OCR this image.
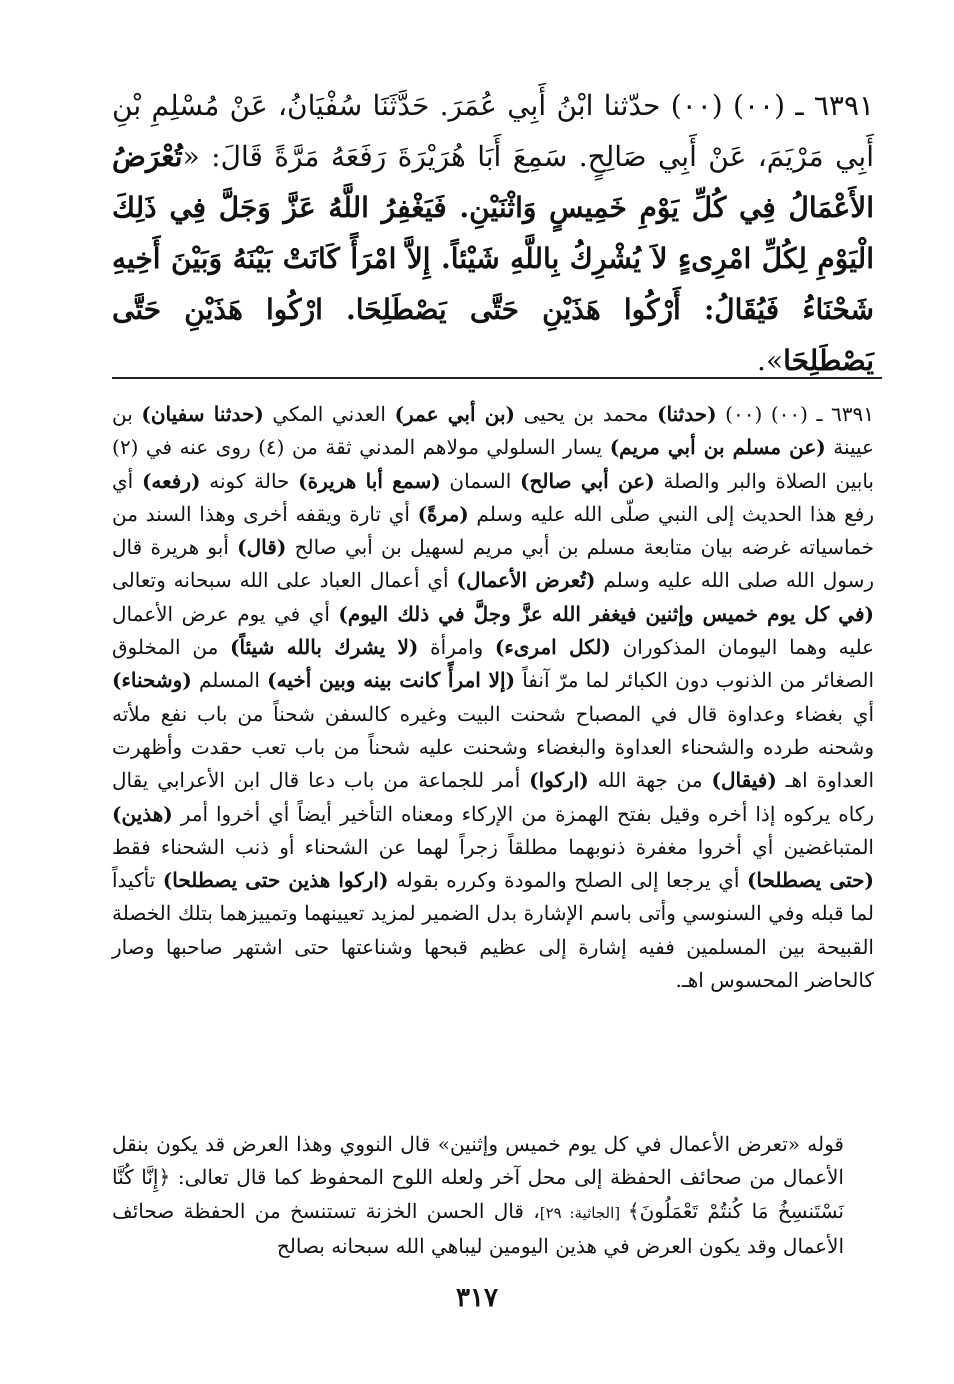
٦٣٩١ ـ (٠٠) (٠٠) حدّثنا ابْنُ أَبِي عُمَرَ. حَدَّثَنَا سُفْيَانُ، عَنْ مُسْلِمِ بْنِ أَبِي مَرْيَمَ، عَنْ أَبِي صَالِحٍ. سَمِعَ أَبَا هُرَيْرَةَ رَفَعَهُ مَرَّةً قَالَ: «تُعْرَضُ الأَعْمَالُ فِي كُلِّ يَوْمِ خَمِيسٍ وَاثْنَيْنِ. فَيَغْفِرُ اللَّهُ عَزَّ وَجَلَّ فِي ذَلِكَ الْيَوْمِ لِكُلِّ امْرِىءٍ لاَ يُشْرِكُ بِاللَّهِ شَيْئاً. إِلاَّ امْرَأً كَانَتْ بَيْنَهُ وَبَيْنَ أَخِيهِ شَحْنَاءُ فَيُقَالُ: أَرْكُوا هَذَيْنِ حَتَّى يَصْطَلِحَا. ارْكُوا هَذَيْنِ حَتَّى يَصْطَلِحَا».
٦٣٩١ ـ (٠٠) (٠٠) (حدثنا) محمد بن يحيى (بن أبي عمر) العدني المكي (حدثنا سفيان) بن عيينة (عن مسلم بن أبي مريم) يسار السلولي مولاهم المدني ثقة من (٤) روى عنه في (٢) بابين الصلاة والبر والصلة (عن أبي صالح) السمان (سمع أبا هريرة) حالة كونه (رفعه) أي رفع هذا الحديث إلى النبي صلّى الله عليه وسلم (مرةً) أي تارة ويقفه أخرى وهذا السند من خماسياته غرضه بيان متابعة مسلم بن أبي مريم لسهيل بن أبي صالح (قال) أبو هريرة قال رسول الله صلى الله عليه وسلم (تُعرض الأعمال) أي أعمال العباد على الله سبحانه وتعالى (في كل يوم خميس وإثنين فيغفر الله عزَّ وجلَّ في ذلك اليوم) أي في يوم عرض الأعمال عليه وهما اليومان المذكوران (لكل امرىء) وامرأة (لا يشرك بالله شيئاً) من المخلوق الصغائر من الذنوب دون الكبائر لما مرّ آنفاً (إلا امرأً كانت بينه وبين أخيه) المسلم (وشحناء) أي بغضاء وعداوة قال في المصباح شحنت البيت وغيره كالسفن شحناً من باب نفع ملأته وشحنه طرده والشحناء العداوة والبغضاء وشحنت عليه شحناً من باب تعب حقدت وأظهرت العداوة اهـ (فيقال) من جهة الله (اركوا) أمر للجماعة من باب دعا قال ابن الأعرابي يقال ركاه يركوه إذا أخره وقيل بفتح الهمزة من الإركاء ومعناه التأخير أيضاً أي أخروا أمر (هذين) المتباغضين أي أخروا مغفرة ذنوبهما مطلقاً زجراً لهما عن الشحناء أو ذنب الشحناء فقط (حتى يصطلحا) أي يرجعا إلى الصلح والمودة وكرره بقوله (اركوا هذين حتى يصطلحا) تأكيداً لما قبله وفي السنوسي وأتى باسم الإشارة بدل الضمير لمزيد تعيينهما وتمييزهما بتلك الخصلة القبيحة بين المسلمين ففيه إشارة إلى عظيم قبحها وشناعتها حتى اشتهر صاحبها وصار كالحاضر المحسوس اهـ.
قوله «تعرض الأعمال في كل يوم خميس وإثنين» قال النووي وهذا العرض قد يكون بنقل الأعمال من صحائف الحفظة إلى محل آخر ولعله اللوح المحفوظ كما قال تعالى: ﴿إِنَّا كُنَّا نَسْتَنسِخُ مَا كُنتُمْ تَعْمَلُونَ﴾ [الجاثية: ٢٩]، قال الحسن الخزنة تستنسخ من الحفظة صحائف الأعمال وقد يكون العرض في هذين اليومين ليباهي الله سبحانه بصالح
٣١٧
